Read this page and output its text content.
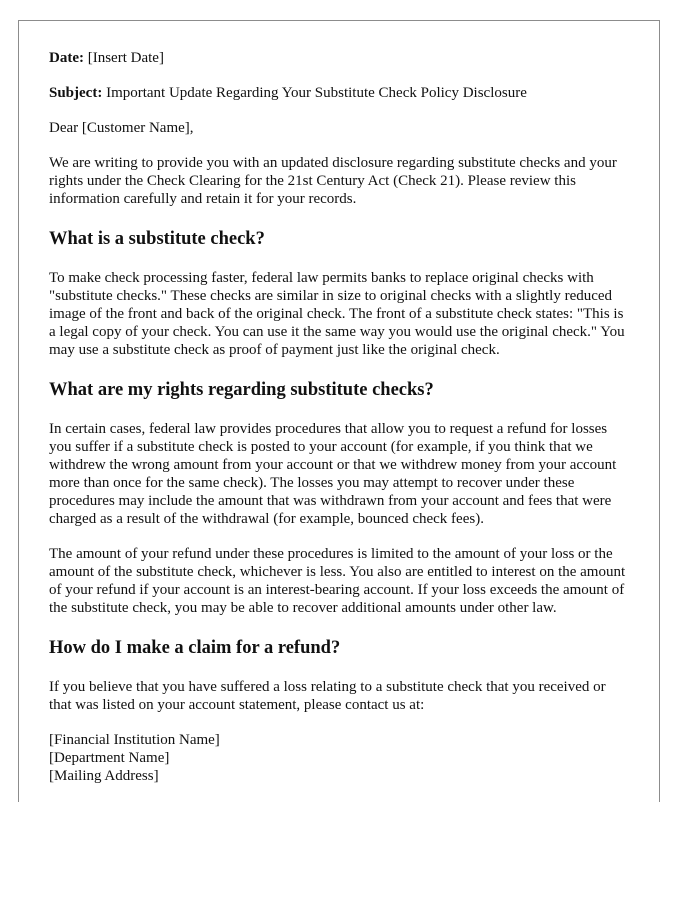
Date: [Insert Date]

Subject: Important Update Regarding Your Substitute Check Policy Disclosure

Dear [Customer Name],

We are writing to provide you with an updated disclosure regarding substitute checks and your rights under the Check Clearing for the 21st Century Act (Check 21). Please review this information carefully and retain it for your records.

What is a substitute check?

To make check processing faster, federal law permits banks to replace original checks with "substitute checks." These checks are similar in size to original checks with a slightly reduced image of the front and back of the original check. The front of a substitute check states: "This is a legal copy of your check. You can use it the same way you would use the original check." You may use a substitute check as proof of payment just like the original check.

What are my rights regarding substitute checks?

In certain cases, federal law provides procedures that allow you to request a refund for losses you suffer if a substitute check is posted to your account (for example, if you think that we withdrew the wrong amount from your account or that we withdrew money from your account more than once for the same check). The losses you may attempt to recover under these procedures may include the amount that was withdrawn from your account and fees that were charged as a result of the withdrawal (for example, bounced check fees).

The amount of your refund under these procedures is limited to the amount of your loss or the amount of the substitute check, whichever is less. You also are entitled to interest on the amount of your refund if your account is an interest-bearing account. If your loss exceeds the amount of the substitute check, you may be able to recover additional amounts under other law.

How do I make a claim for a refund?

If you believe that you have suffered a loss relating to a substitute check that you received or that was listed on your account statement, please contact us at:

[Financial Institution Name]
[Department Name]
[Mailing Address]
